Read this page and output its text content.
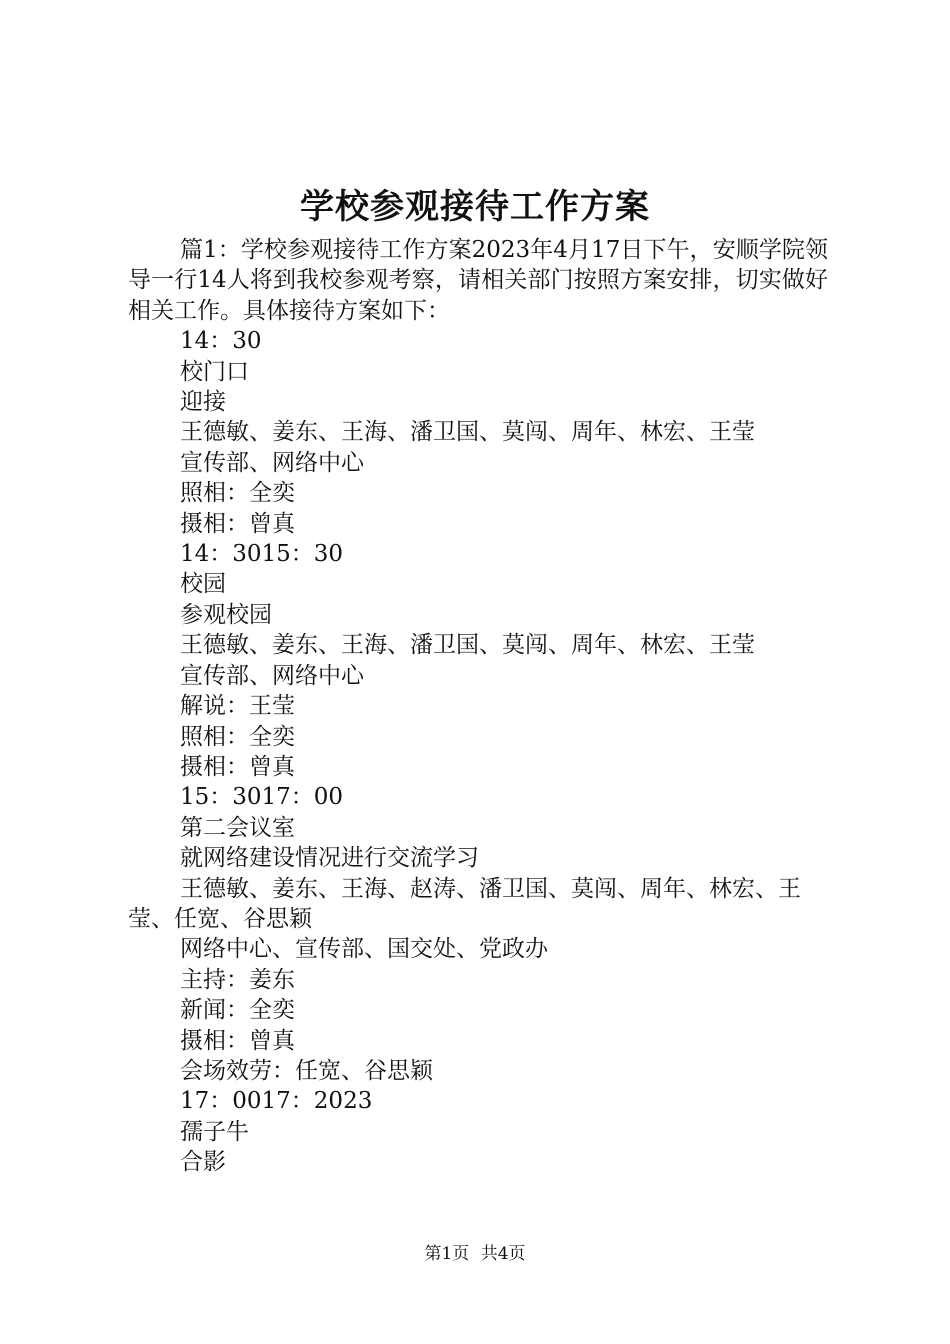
学校参观接待工作方案

篇1：学校参观接待工作方案2023年4月17日下午，安顺学院领导一行14人将到我校参观考察，请相关部门按照方案安排，切实做好相关工作。具体接待方案如下：

14：30

校门口

迎接

王德敏、姜东、王海、潘卫国、莫闯、周年、林宏、王莹

宣传部、网络中心

照相：全奕

摄相：曾真

14：3015：30

校园

参观校园

王德敏、姜东、王海、潘卫国、莫闯、周年、林宏、王莹

宣传部、网络中心

解说：王莹

照相：全奕

摄相：曾真

15：3017：00

第二会议室

就网络建设情况进行交流学习

王德敏、姜东、王海、赵涛、潘卫国、莫闯、周年、林宏、王莹、任宽、谷思颖

网络中心、宣传部、国交处、党政办

主持：姜东

新闻：全奕

摄相：曾真

会场效劳：任宽、谷思颖

17：0017：2023

孺子牛

合影

第1页 共4页
